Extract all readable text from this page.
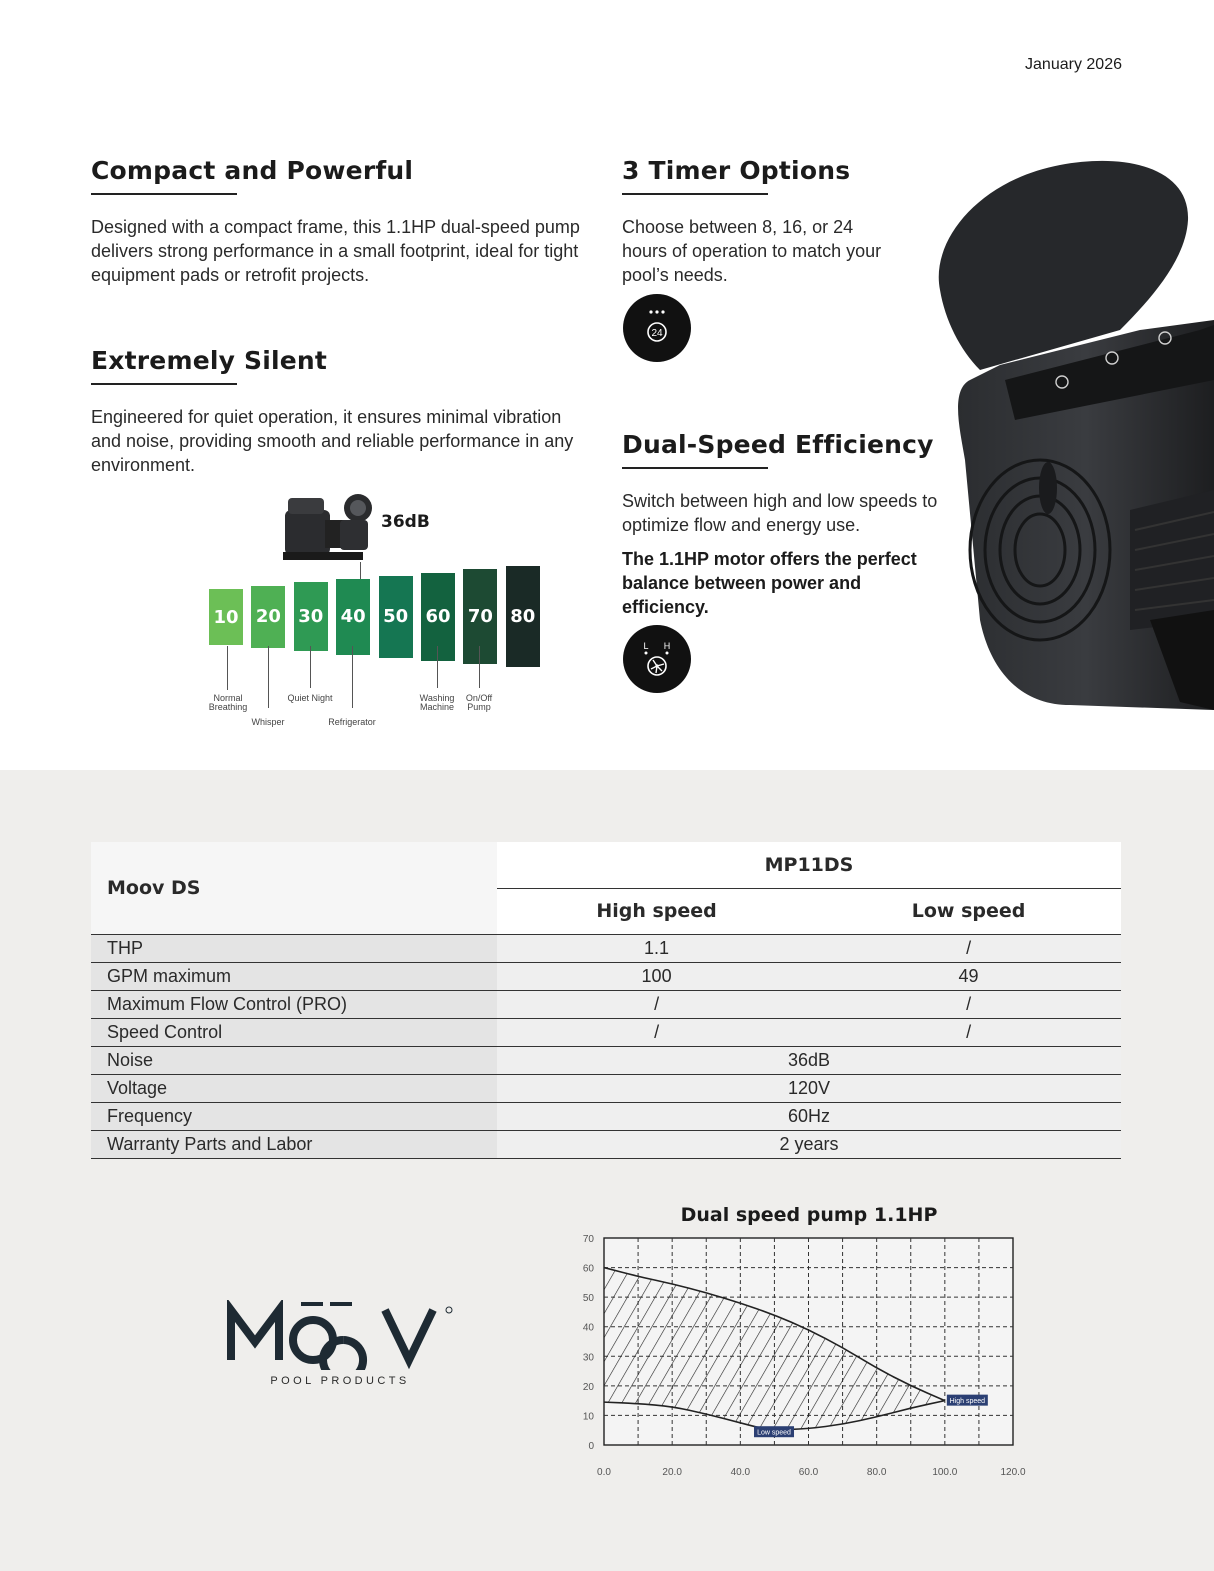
January 2026
Compact and Powerful

Designed with a compact frame, this 1.1HP dual-speed pump delivers strong performance in a small footprint, ideal for tight equipment pads or retrofit projects.

Extremely Silent

Engineered for quiet operation, it ensures minimal vibration and noise, providing smooth and reliable performance in any environment.

3 Timer Options

Choose between 8, 16, or 24 hours of operation to match your pool’s needs.

24
Dual-Speed Efficiency

Switch between high and low speeds to optimize flow and energy use.

The 1.1HP motor offers the perfect balance between power and efficiency.

L H
36dB
10 20 30 40 50 60 70 80
Normal
Breathing
Whisper
Quiet Night
Refrigerator
Washing
Machine
On/Off
Pump
Moov DS	MP11DS	
	High speed	Low speed
THP	1.1	/
GPM maximum	100	49
Maximum Flow Control (PRO)	/	/
Speed Control	/	/
Noise	36dB	
Voltage	120V	
Frequency	60Hz	
Warranty Parts and Labor	2 years	
POOL PRODUCTS
Dual speed pump 1.1HP
High speed
Low speed
0
10
20
30
40
50
60
70
0.0	20.0	40.0	60.0	80.0	100.0	120.0
